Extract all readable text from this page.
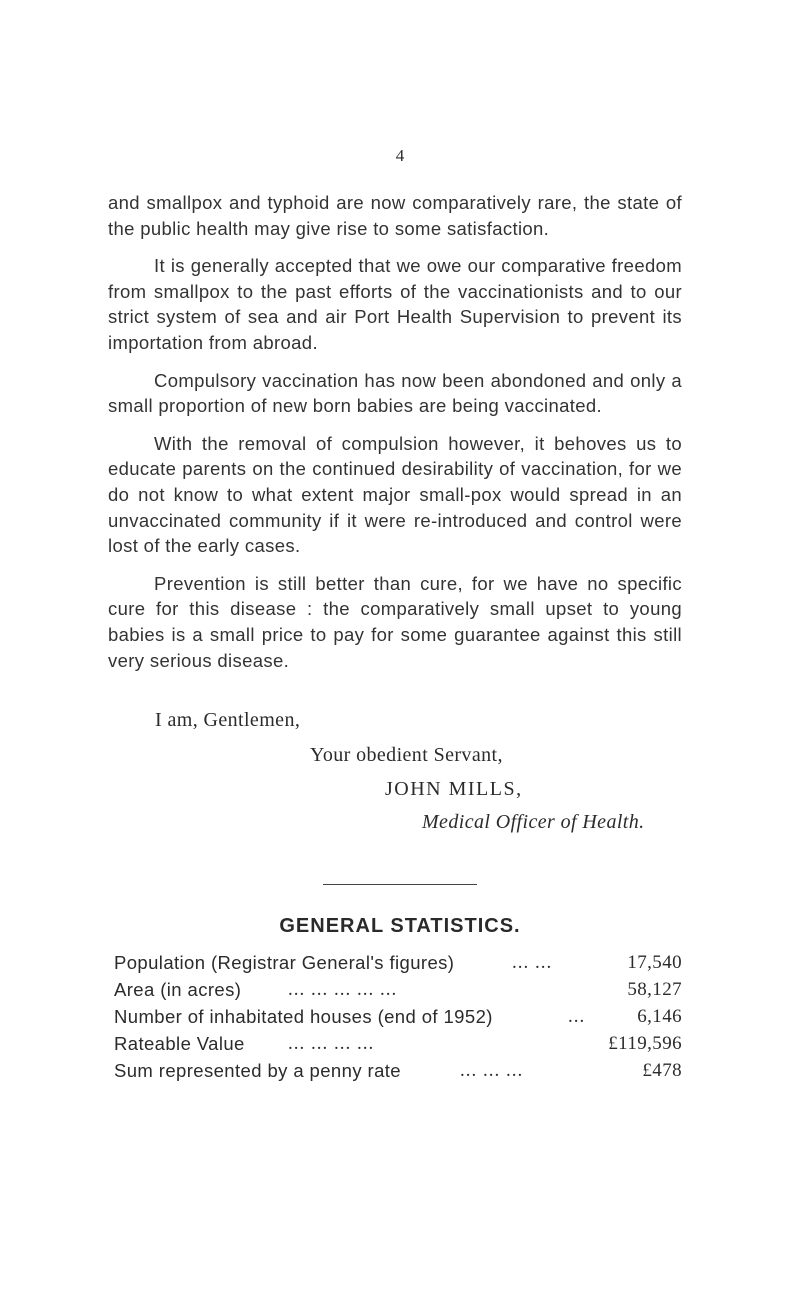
4

and smallpox and typhoid are now comparatively rare, the state of the public health may give rise to some satisfaction.

It is generally accepted that we owe our comparative freedom from smallpox to the past efforts of the vaccinationists and to our strict system of sea and air Port Health Supervision to prevent its importation from abroad.

Compulsory vaccination has now been abondoned and only a small proportion of new born babies are being vaccinated.

With the removal of compulsion however, it behoves us to educate parents on the continued desirability of vaccination, for we do not know to what extent major small-pox would spread in an unvaccinated community if it were re-introduced and control were lost of the early cases.

Prevention is still better than cure, for we have no specific cure for this disease : the comparatively small upset to young babies is a small price to pay for some guarantee against this still very serious disease.

I am, Gentlemen,
Your obedient Servant,
JOHN MILLS,
Medical Officer of Health.
GENERAL STATISTICS.
Population (Registrar General's figures)	... ...	17,540
Area (in acres) ... ... ... ... ...	58,127
Number of inhabitated houses (end of 1952)	...	6,146
Rateable Value ... ... ... ...	£119,596
Sum represented by a penny rate	... ... ...	£478
